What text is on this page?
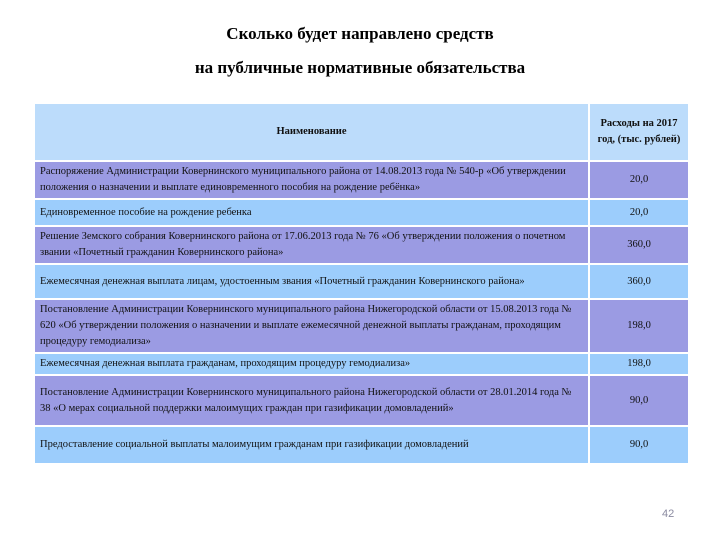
Сколько будет направлено средств
на публичные нормативные обязательства
Наименование	Расходы на 2017 год, (тыс. рублей)
Распоряжение Администрации Ковернинского муниципального района от 14.08.2013 года № 540-р «Об утверждении положения о назначении и выплате единовременного пособия на рождение ребёнка»	20,0
Единовременное пособие на рождение ребенка	20,0
Решение Земского собрания Ковернинского района от 17.06.2013 года № 76 «Об утверждении положения о почетном звании «Почетный гражданин Ковернинского района»	360,0
Ежемесячная денежная выплата лицам, удостоенным звания «Почетный гражданин Ковернинского района»	360,0
Постановление Администрации Ковернинского муниципального района Нижегородской области от 15.08.2013 года № 620 «Об утверждении положения о назначении и выплате ежемесячной денежной выплаты гражданам, проходящим процедуру гемодиализа»	198,0
Ежемесячная денежная выплата гражданам, проходящим процедуру гемодиализа»	198,0
Постановление Администрации Ковернинского муниципального района Нижегородской области от 28.01.2014 года № 38 «О мерах социальной поддержки малоимущих граждан при газификации домовладений»	90,0
Предоставление социальной выплаты малоимущим гражданам при газификации домовладений	90,0
42
